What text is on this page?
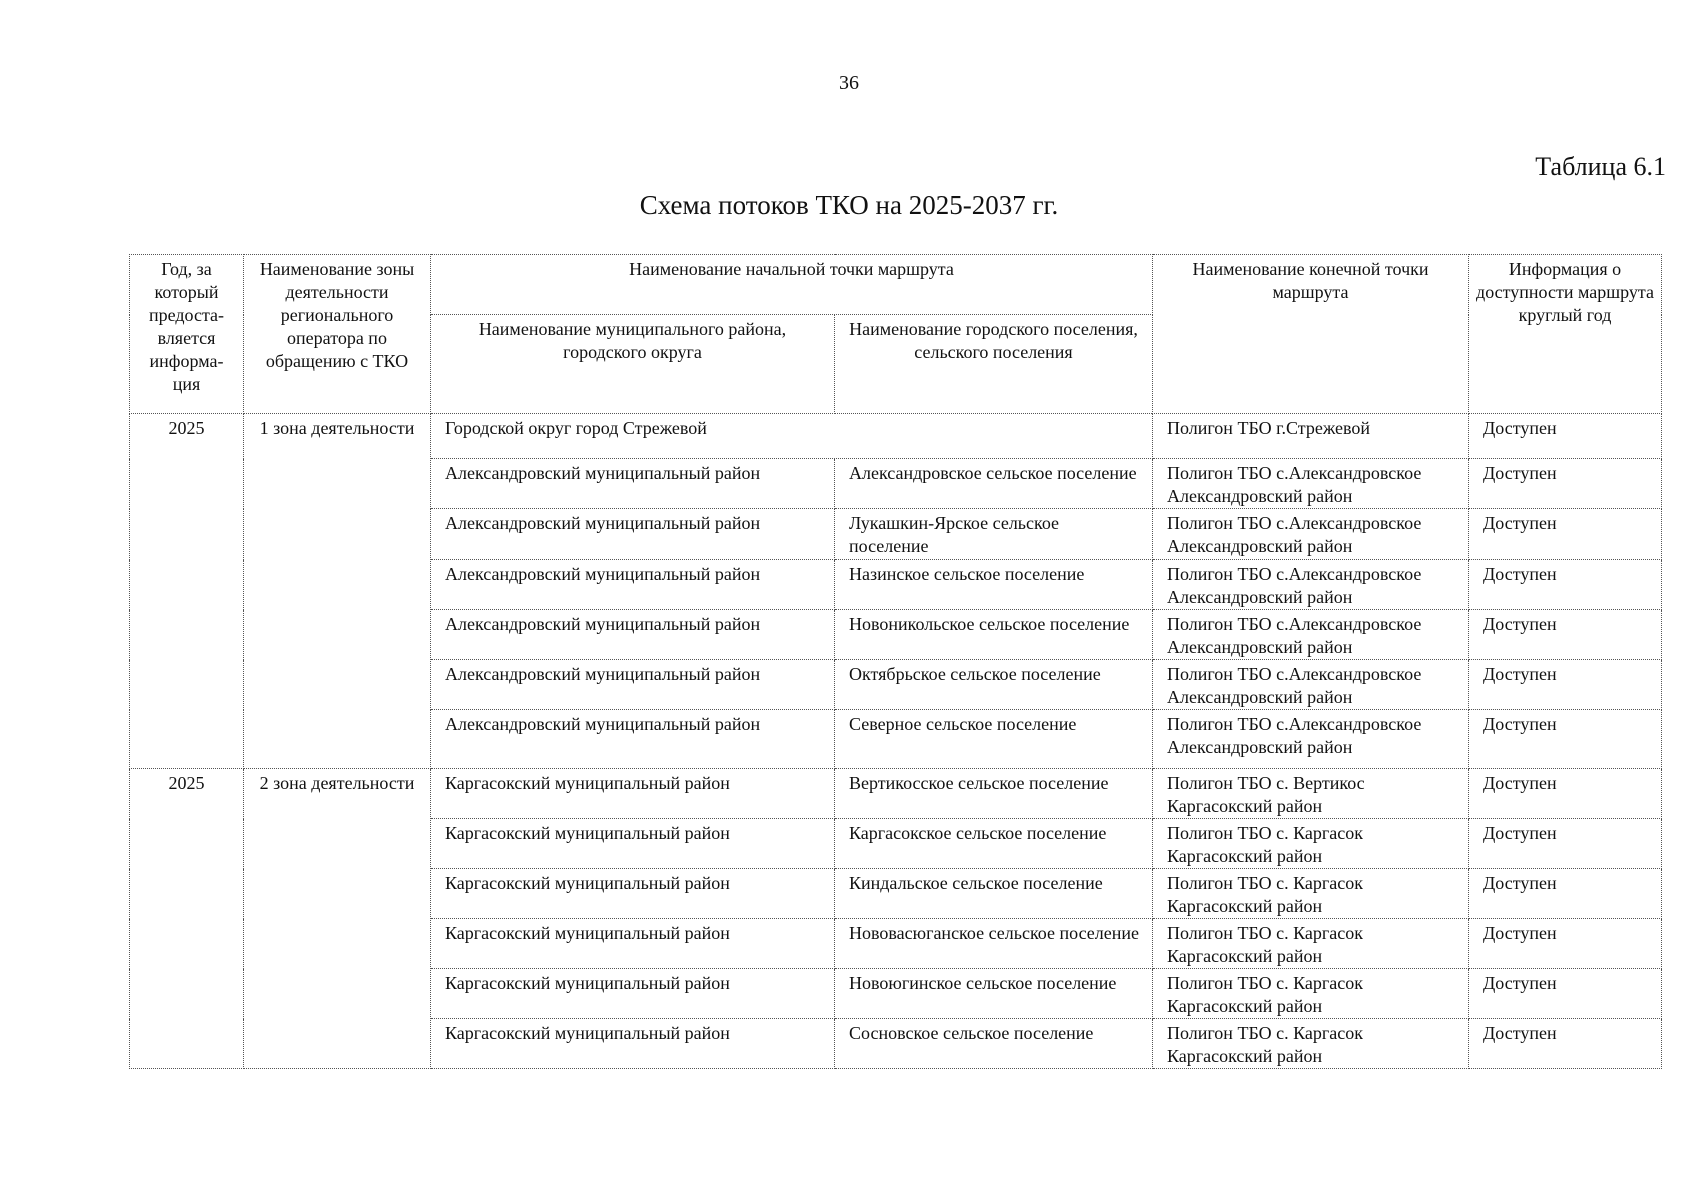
36
Таблица 6.1
Схема потоков ТКО на 2025-2037 гг.
Год, за который предоста-вляется информа-ция	Наименование зоны деятельности регионального оператора по обращению с ТКО	Наименование начальной точки маршрута		Наименование конечной точки маршрута	Информация о доступности маршрута круглый год
		Наименование муниципального района, городского округа	Наименование городского поселения, сельского поселения		
2025	1 зона деятельности	Городской округ город Стрежевой		Полигон ТБО г.Стрежевой	Доступен
		Александровский муниципальный район	Александровское сельское поселение	Полигон ТБО с.Александровское Александровский район	Доступен
		Александровский муниципальный район	Лукашкин-Ярское сельское поселение	Полигон ТБО с.Александровское Александровский район	Доступен
		Александровский муниципальный район	Назинское сельское поселение	Полигон ТБО с.Александровское Александровский район	Доступен
		Александровский муниципальный район	Новоникольское сельское поселение	Полигон ТБО с.Александровское Александровский район	Доступен
		Александровский муниципальный район	Октябрьское сельское поселение	Полигон ТБО с.Александровское Александровский район	Доступен
		Александровский муниципальный район	Северное сельское поселение	Полигон ТБО с.Александровское Александровский район	Доступен
2025	2 зона деятельности	Каргасокский муниципальный район	Вертикосское сельское поселение	Полигон ТБО с. Вертикос Каргасокский район	Доступен
		Каргасокский муниципальный район	Каргасокское сельское поселение	Полигон ТБО с. Каргасок Каргасокский район	Доступен
		Каргасокский муниципальный район	Киндальское сельское поселение	Полигон ТБО с. Каргасок Каргасокский район	Доступен
		Каргасокский муниципальный район	Нововасюганское сельское поселение	Полигон ТБО с. Каргасок Каргасокский район	Доступен
		Каргасокский муниципальный район	Новоюгинское сельское поселение	Полигон ТБО с. Каргасок Каргасокский район	Доступен
		Каргасокский муниципальный район	Сосновское сельское поселение	Полигон ТБО с. Каргасок Каргасокский район	Доступен
